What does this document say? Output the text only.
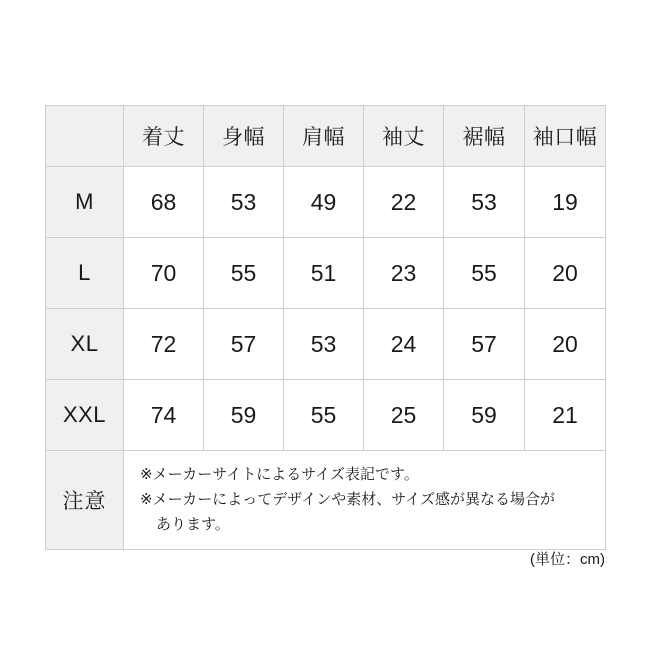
	着丈	身幅	肩幅	袖丈	裾幅	袖口幅
M	68	53	49	22	53	19
L	70	55	51	23	55	20
XL	72	57	53	24	57	20
XXL	74	59	55	25	59	21
注意	※メーカーサイトによるサイズ表記です。
※メーカーによってデザインや素材、サイズ感が異なる場合が
あります。					
(単位：cm)
